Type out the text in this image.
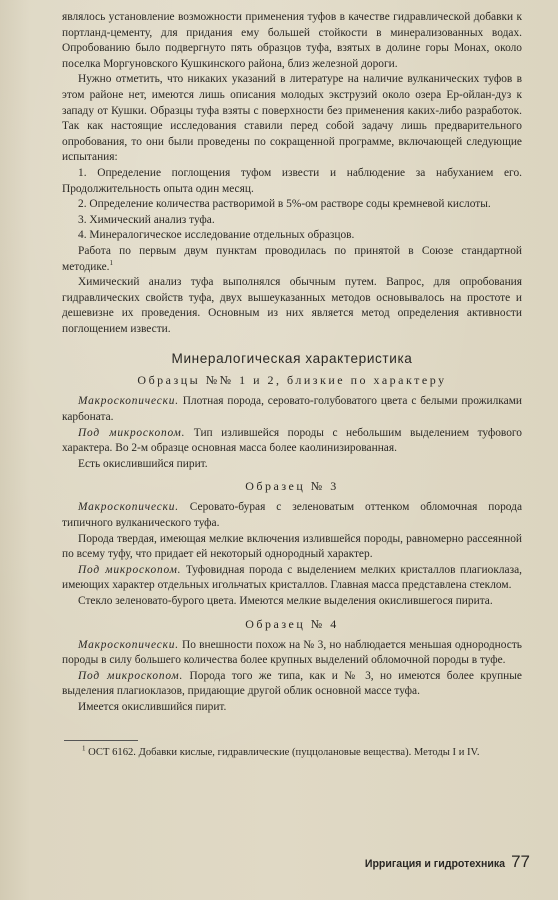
являлось установление возможности применения туфов в качестве гидравлической добавки к портланд-цементу, для придания ему большей стойкости в минерализованных водах. Опробованию было подвергнуто пять образцов туфа, взятых в долине горы Монах, около поселка Моргуновского Кушкинского района, близ железной дороги.

Нужно отметить, что никаких указаний в литературе на наличие вулканических туфов в этом районе нет, имеются лишь описания молодых экструзий около озера Ер-ойлан-дуз к западу от Кушки. Образцы туфа взяты с поверхности без применения каких-либо разработок. Так как настоящие исследования ставили перед собой задачу лишь предварительного опробования, то они были проведены по сокращенной программе, включающей следующие испытания:

1. Определение поглощения туфом извести и наблюдение за набуханием его. Продолжительность опыта один месяц.

2. Определение количества растворимой в 5%-ом растворе соды кремневой кислоты.

3. Химический анализ туфа.

4. Минералогическое исследование отдельных образцов.

Работа по первым двум пунктам проводилась по принятой в Союзе стандартной методике.$^1$

Химический анализ туфа выполнялся обычным путем. Вапрос, для опробования гидравлических свойств туфа, двух вышеуказанных методов основывалось на простоте и дешевизне их проведения. Основным из них является метод определения активности поглощением извести.

Минералогическая характеристика
Образцы №№ 1 и 2, близкие по характеру

Макроскопически. Плотная порода, серовато-голубоватого цвета с белыми прожилками карбоната.

Под микроскопом. Тип излившейся породы с небольшим выделением туфового характера. Во 2-м образце основная масса более каолинизированная.

Есть окислившийся пирит.

Образец № 3

Макроскопически. Серовато-бурая с зеленоватым оттенком обломочная порода типичного вулканического туфа.

Порода твердая, имеющая мелкие включения излившейся породы, равномерно рассеянной по всему туфу, что придает ей некоторый однородный характер.

Под микроскопом. Туфовидная порода с выделением мелких кристаллов плагиоклаза, имеющих характер отдельных игольчатых кристаллов. Главная масса представлена стеклом.

Стекло зеленовато-бурого цвета. Имеются мелкие выделения окислившегося пирита.

Образец № 4

Макроскопически. По внешности похож на № 3, но наблюдается меньшая однородность породы в силу большего количества более крупных выделений обломочной породы в туфе.

Под микроскопом. Порода того же типа, как и № 3, но имеются более крупные выделения плагиоклазов, придающие другой облик основной массе туфа.

Имеется окислившийся пирит.

$^1$ ОСТ 6162. Добавки кислые, гидравлические (пуццолановые вещества). Методы I и IV.

Ирригация и гидротехника 77
